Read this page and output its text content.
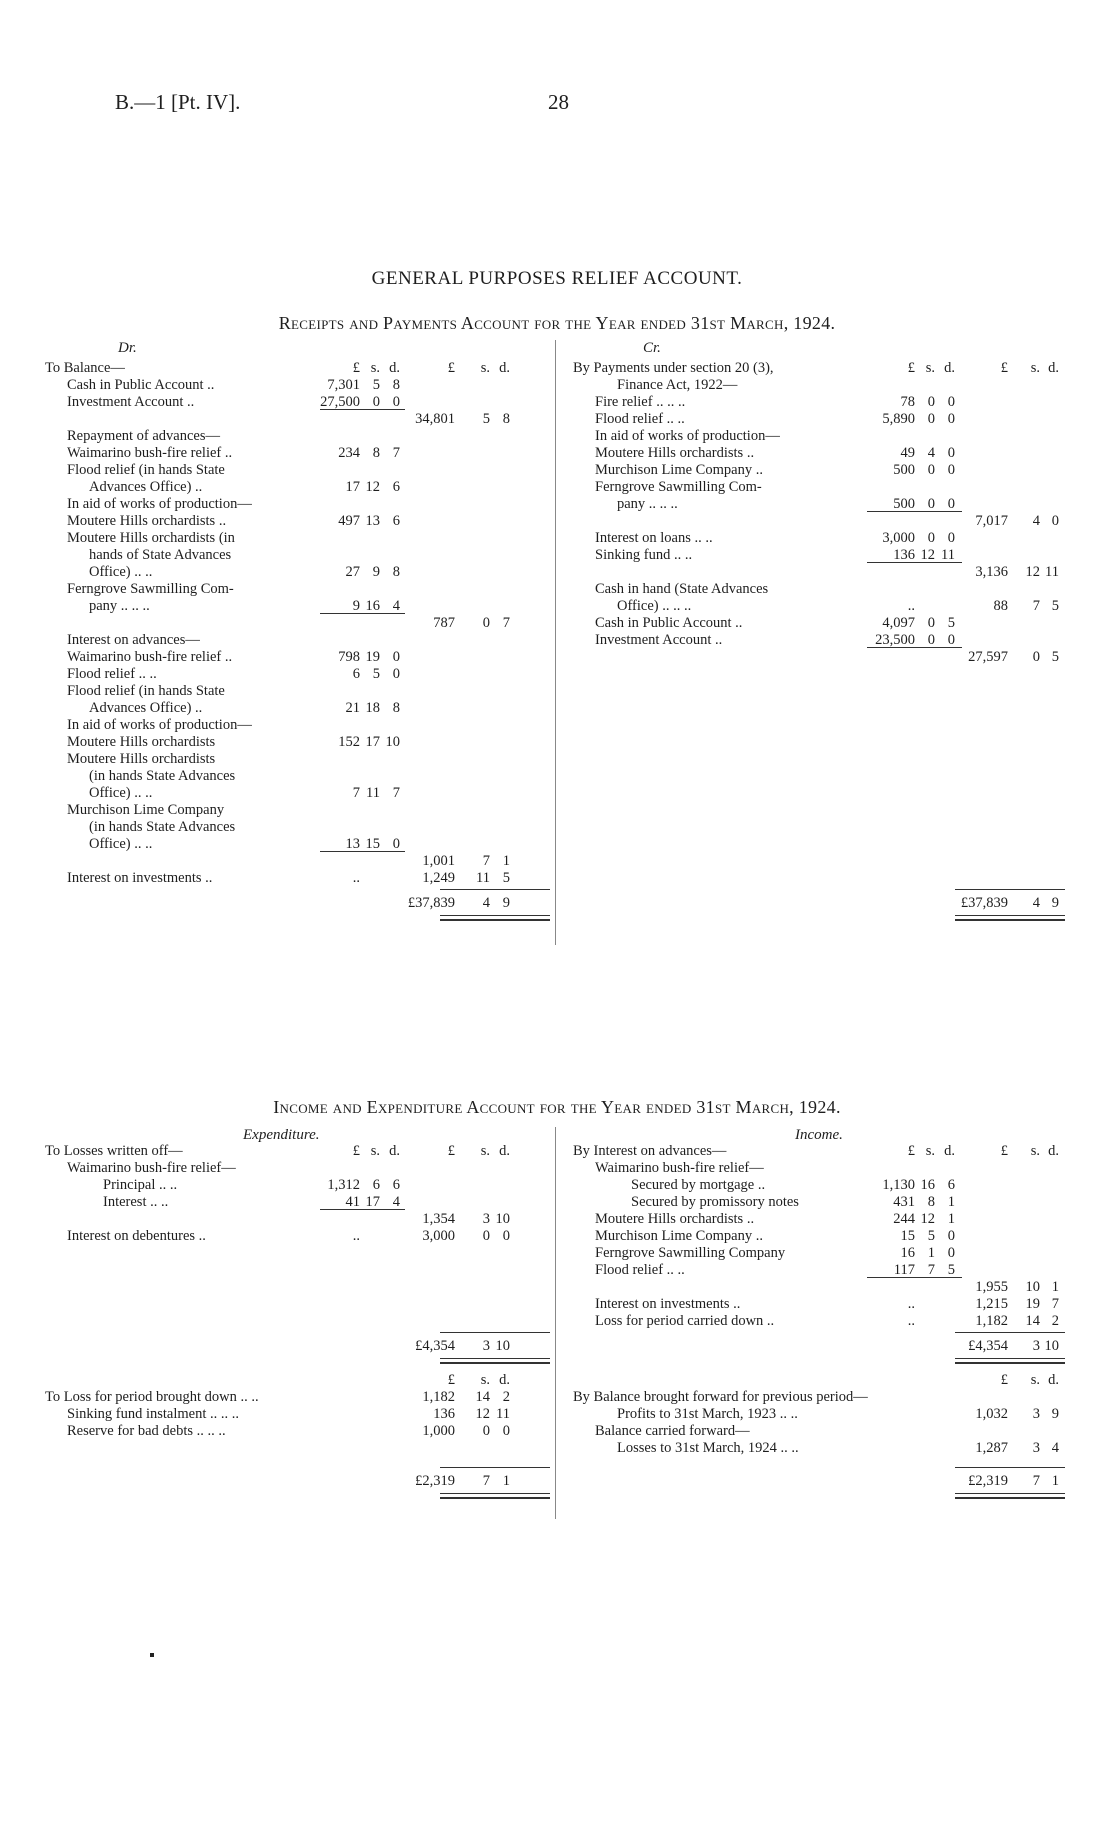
B.—1 [Pt. IV].	28
GENERAL PURPOSES RELIEF ACCOUNT.
Receipts and Payments Account for the Year ended 31st March, 1924.
Dr.	Cr.
To Balance—	£ s. d.	£ s. d.
Cash in Public Account ..	7,301 5 8
Investment Account ..	27,500 0 0
34,801 5 8
Repayment of advances—
Waimarino bush-fire relief ..	234 8 7
Flood relief (in hands State
Advances Office) ..	17 12 6
In aid of works of production—
Moutere Hills orchardists ..	497 13 6
Moutere Hills orchardists (in
hands of State Advances
Office) .. ..	27 9 8
Ferngrove Sawmilling Com-
pany .. .. ..	9 16 4
787 0 7
Interest on advances—
Waimarino bush-fire relief ..	798 19 0
Flood relief .. ..	6 5 0
Flood relief (in hands State
Advances Office) ..	21 18 8
In aid of works of production—
Moutere Hills orchardists	152 17 10
Moutere Hills orchardists
(in hands State Advances
Office) .. ..	7 11 7
Murchison Lime Company
(in hands State Advances
Office) .. ..	13 15 0
1,001 7 1
Interest on investments ..	..	1,249 11 5
£37,839 4 9
By Payments under section 20 (3),	£ s. d.	£ s. d.
Finance Act, 1922—
Fire relief .. .. ..	78 0 0
Flood relief .. ..	5,890 0 0
In aid of works of production—
Moutere Hills orchardists ..	49 4 0
Murchison Lime Company ..	500 0 0
Ferngrove Sawmilling Com-
pany .. .. ..	500 0 0
7,017 4 0
Interest on loans .. ..	3,000 0 0
Sinking fund .. ..	136 12 11
3,136 12 11
Cash in hand (State Advances
Office) .. .. ..	..	88 7 5
Cash in Public Account ..	4,097 0 5
Investment Account ..	23,500 0 0
27,597 0 5
£37,839 4 9
Income and Expenditure Account for the Year ended 31st March, 1924.
Expenditure.	Income.
To Losses written off—	£ s. d.	£ s. d.
Waimarino bush-fire relief—
Principal .. ..	1,312 6 6
Interest .. ..	41 17 4
1,354 3 10
Interest on debentures ..	..	3,000 0 0
£4,354 3 10
£ s. d.
To Loss for period brought down .. ..	1,182 14 2
Sinking fund instalment .. .. ..	136 12 11
Reserve for bad debts .. .. ..	1,000 0 0
£2,319 7 1
By Interest on advances—	£ s. d.	£ s. d.
Waimarino bush-fire relief—
Secured by mortgage ..	1,130 16 6
Secured by promissory notes	431 8 1
Moutere Hills orchardists ..	244 12 1
Murchison Lime Company ..	15 5 0
Ferngrove Sawmilling Company	16 1 0
Flood relief .. ..	117 7 5
1,955 10 1
Interest on investments ..	..	1,215 19 7
Loss for period carried down ..	..	1,182 14 2
£4,354 3 10
£ s. d.
By Balance brought forward for previous period—
Profits to 31st March, 1923 .. ..	1,032 3 9
Balance carried forward—
Losses to 31st March, 1924 .. ..	1,287 3 4
£2,319 7 1
